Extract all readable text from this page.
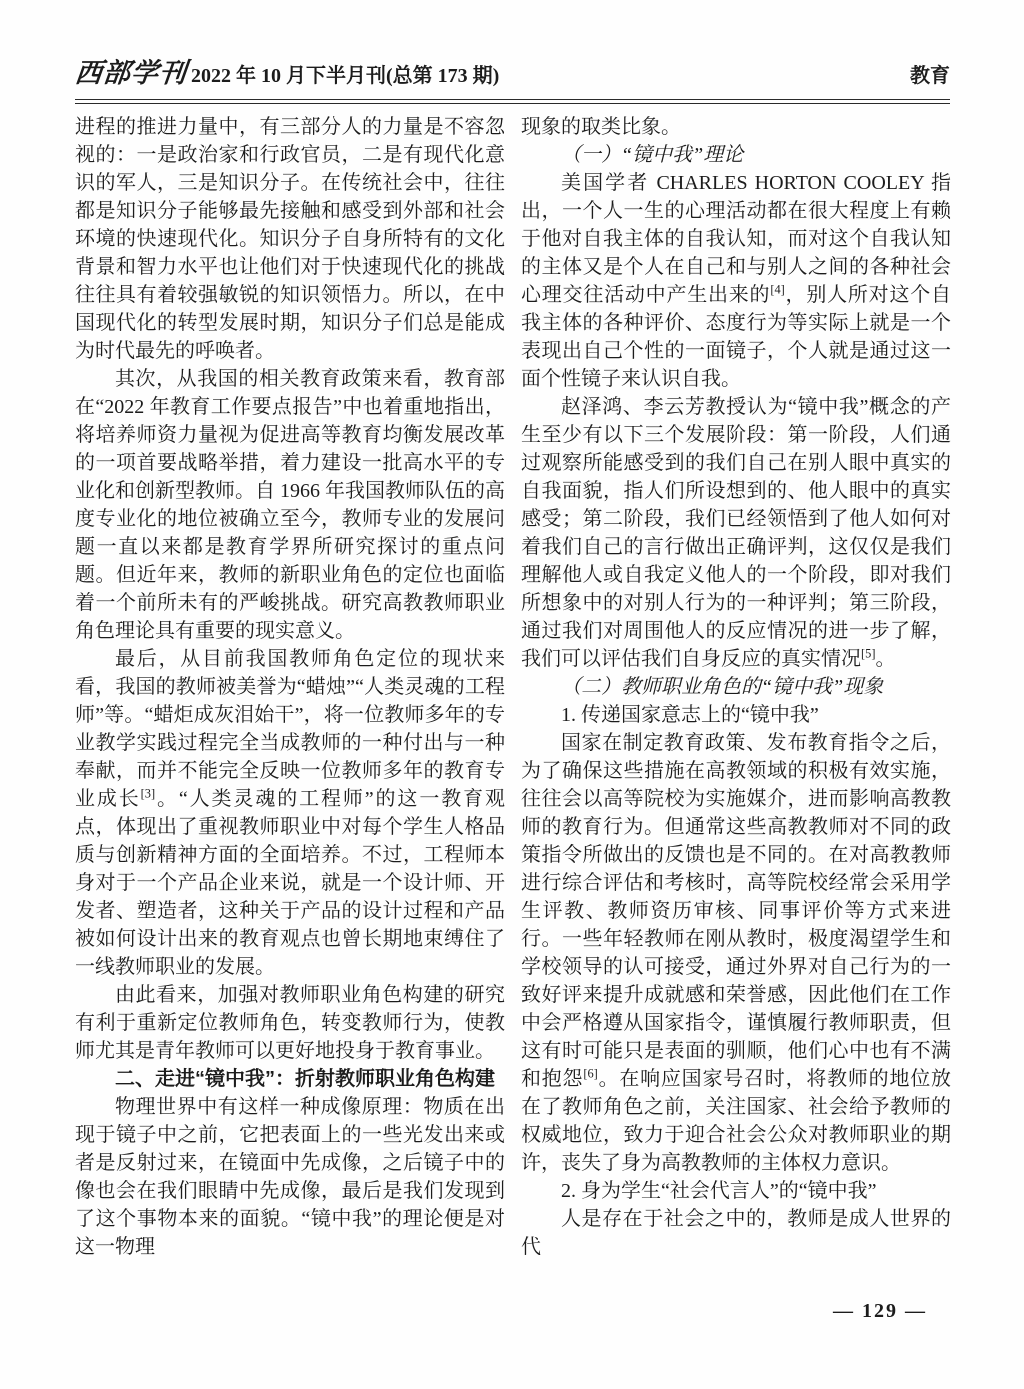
西部学刊 2022 年 10 月下半月刊(总第 173 期)	教育

进程的推进力量中，有三部分人的力量是不容忽视的：一是政治家和行政官员，二是有现代化意识的军人，三是知识分子。在传统社会中，往往都是知识分子能够最先接触和感受到外部和社会环境的快速现代化。知识分子自身所特有的文化背景和智力水平也让他们对于快速现代化的挑战往往具有着较强敏锐的知识领悟力。所以，在中国现代化的转型发展时期，知识分子们总是能成为时代最先的呼唤者。

其次，从我国的相关教育政策来看，教育部在“2022 年教育工作要点报告”中也着重地指出，将培养师资力量视为促进高等教育均衡发展改革的一项首要战略举措，着力建设一批高水平的专业化和创新型教师。自 1966 年我国教师队伍的高度专业化的地位被确立至今，教师专业的发展问题一直以来都是教育学界所研究探讨的重点问题。但近年来，教师的新职业角色的定位也面临着一个前所未有的严峻挑战。研究高教教师职业角色理论具有重要的现实意义。

最后，从目前我国教师角色定位的现状来看，我国的教师被美誉为“蜡烛”“人类灵魂的工程师”等。“蜡炬成灰泪始干”，将一位教师多年的专业教学实践过程完全当成教师的一种付出与一种奉献，而并不能完全反映一位教师多年的教育专业成长[3]。“人类灵魂的工程师”的这一教育观点，体现出了重视教师职业中对每个学生人格品质与创新精神方面的全面培养。不过，工程师本身对于一个产品企业来说，就是一个设计师、开发者、塑造者，这种关于产品的设计过程和产品被如何设计出来的教育观点也曾长期地束缚住了一线教师职业的发展。

由此看来，加强对教师职业角色构建的研究有利于重新定位教师角色，转变教师行为，使教师尤其是青年教师可以更好地投身于教育事业。

二、走进“镜中我”：折射教师职业角色构建

物理世界中有这样一种成像原理：物质在出现于镜子中之前，它把表面上的一些光发出来或者是反射过来，在镜面中先成像，之后镜子中的像也会在我们眼睛中先成像，最后是我们发现到了这个事物本来的面貌。“镜中我”的理论便是对这一物理

现象的取类比象。

（一）“镜中我”理论

美国学者 CHARLES HORTON COOLEY 指出，一个人一生的心理活动都在很大程度上有赖于他对自我主体的自我认知，而对这个自我认知的主体又是个人在自己和与别人之间的各种社会心理交往活动中产生出来的[4]，别人所对这个自我主体的各种评价、态度行为等实际上就是一个表现出自己个性的一面镜子，个人就是通过这一面个性镜子来认识自我。

赵泽鸿、李云芳教授认为“镜中我”概念的产生至少有以下三个发展阶段：第一阶段，人们通过观察所能感受到的我们自己在别人眼中真实的自我面貌，指人们所设想到的、他人眼中的真实感受；第二阶段，我们已经领悟到了他人如何对着我们自己的言行做出正确评判，这仅仅是我们理解他人或自我定义他人的一个阶段，即对我们所想象中的对别人行为的一种评判；第三阶段，通过我们对周围他人的反应情况的进一步了解，我们可以评估我们自身反应的真实情况[5]。

（二）教师职业角色的“镜中我”现象

1. 传递国家意志上的“镜中我”

国家在制定教育政策、发布教育指令之后，为了确保这些措施在高教领域的积极有效实施，往往会以高等院校为实施媒介，进而影响高教教师的教育行为。但通常这些高教教师对不同的政策指令所做出的反馈也是不同的。在对高教教师进行综合评估和考核时，高等院校经常会采用学生评教、教师资历审核、同事评价等方式来进行。一些年轻教师在刚从教时，极度渴望学生和学校领导的认可接受，通过外界对自己行为的一致好评来提升成就感和荣誉感，因此他们在工作中会严格遵从国家指令，谨慎履行教师职责，但这有时可能只是表面的驯顺，他们心中也有不满和抱怨[6]。在响应国家号召时，将教师的地位放在了教师角色之前，关注国家、社会给予教师的权威地位，致力于迎合社会公众对教师职业的期许，丧失了身为高教教师的主体权力意识。

2. 身为学生“社会代言人”的“镜中我”

人是存在于社会之中的，教师是成人世界的代

— 129 —
